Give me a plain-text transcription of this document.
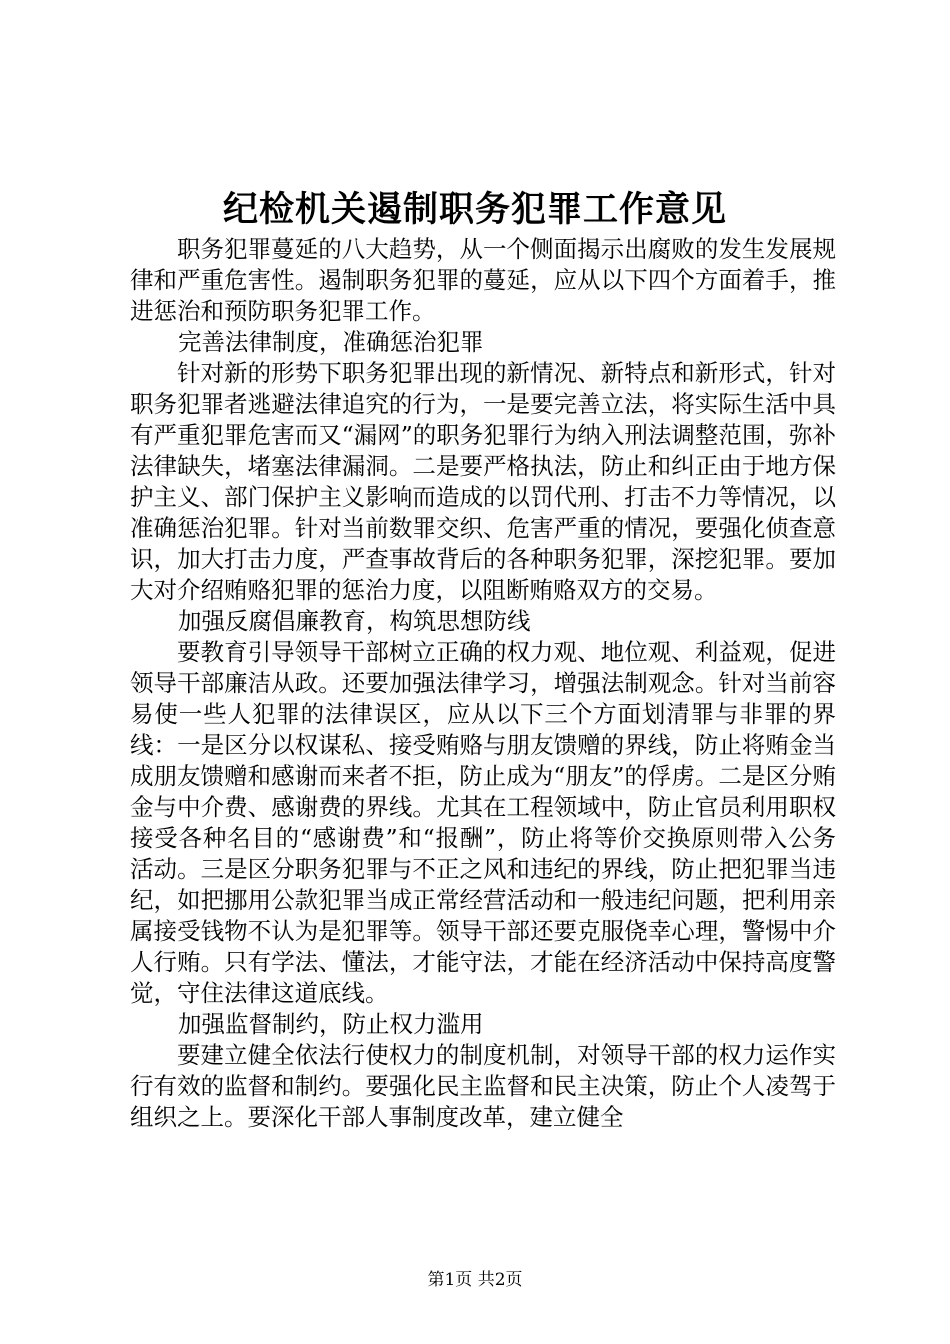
纪检机关遏制职务犯罪工作意见

职务犯罪蔓延的八大趋势，从一个侧面揭示出腐败的发生发展规律和严重危害性。遏制职务犯罪的蔓延，应从以下四个方面着手，推进惩治和预防职务犯罪工作。

完善法律制度，准确惩治犯罪

针对新的形势下职务犯罪出现的新情况、新特点和新形式，针对职务犯罪者逃避法律追究的行为，一是要完善立法，将实际生活中具有严重犯罪危害而又“漏网”的职务犯罪行为纳入刑法调整范围，弥补法律缺失，堵塞法律漏洞。二是要严格执法，防止和纠正由于地方保护主义、部门保护主义影响而造成的以罚代刑、打击不力等情况，以准确惩治犯罪。针对当前数罪交织、危害严重的情况，要强化侦查意识，加大打击力度，严查事故背后的各种职务犯罪，深挖犯罪。要加大对介绍贿赂犯罪的惩治力度，以阻断贿赂双方的交易。

加强反腐倡廉教育，构筑思想防线

要教育引导领导干部树立正确的权力观、地位观、利益观，促进领导干部廉洁从政。还要加强法律学习，增强法制观念。针对当前容易使一些人犯罪的法律误区，应从以下三个方面划清罪与非罪的界线：一是区分以权谋私、接受贿赂与朋友馈赠的界线，防止将贿金当成朋友馈赠和感谢而来者不拒，防止成为“朋友”的俘虏。二是区分贿金与中介费、感谢费的界线。尤其在工程领域中，防止官员利用职权接受各种名目的“感谢费”和“报酬”，防止将等价交换原则带入公务活动。三是区分职务犯罪与不正之风和违纪的界线，防止把犯罪当违纪，如把挪用公款犯罪当成正常经营活动和一般违纪问题，把利用亲属接受钱物不认为是犯罪等。领导干部还要克服侥幸心理，警惕中介人行贿。只有学法、懂法，才能守法，才能在经济活动中保持高度警觉，守住法律这道底线。

加强监督制约，防止权力滥用

要建立健全依法行使权力的制度机制，对领导干部的权力运作实行有效的监督和制约。要强化民主监督和民主决策，防止个人凌驾于组织之上。要深化干部人事制度改革，建立健全

第1页 共2页
